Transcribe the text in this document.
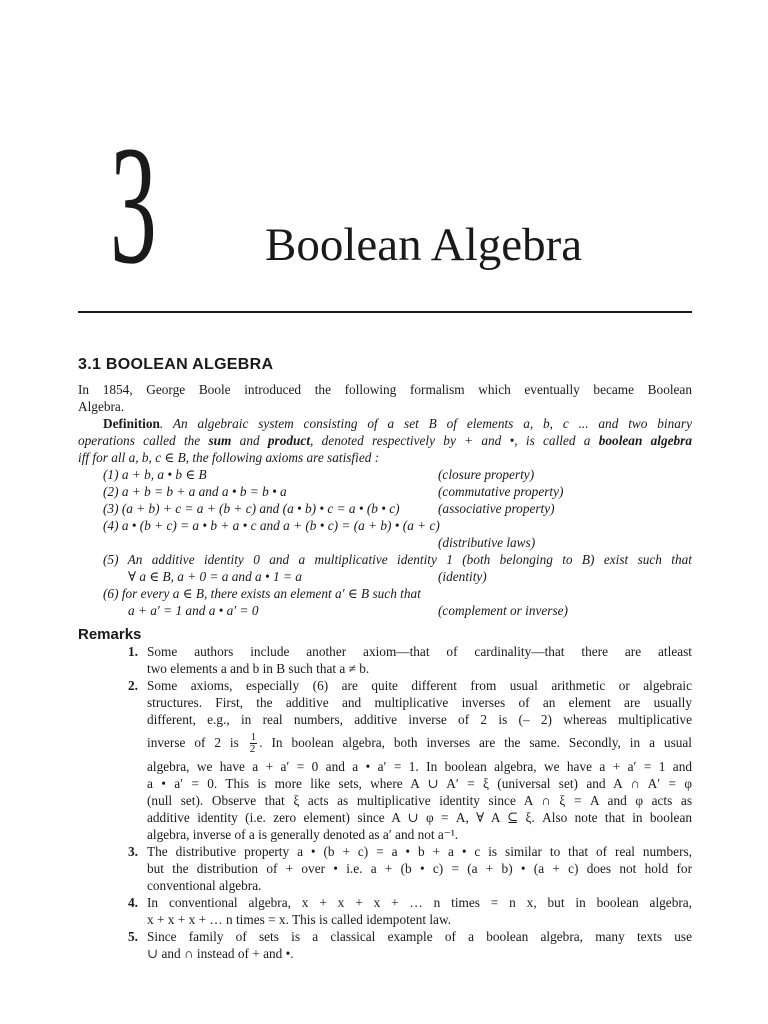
3 Boolean Algebra
3.1 BOOLEAN ALGEBRA
In 1854, George Boole introduced the following formalism which eventually became Boolean
Algebra.
Definition. An algebraic system consisting of a set B of elements a, b, c ... and two binary
operations called the sum and product, denoted respectively by + and •, is called a boolean algebra
iff for all a, b, c ∈ B, the following axioms are satisfied :
(1) a + b, a • b ∈ B	(closure property)
(2) a + b = b + a and a • b = b • a	(commutative property)
(3) (a + b) + c = a + (b + c) and (a • b) • c = a • (b • c)	(associative property)
(4) a • (b + c) = a • b + a • c and a + (b • c) = (a + b) • (a + c)
(distributive laws)
(5) An additive identity 0 and a multiplicative identity 1 (both belonging to B) exist such that
∀ a ∈ B, a + 0 = a and a • 1 = a	(identity)
(6) for every a ∈ B, there exists an element a′ ∈ B such that
a + a′ = 1 and a • a′ = 0	(complement or inverse)
Remarks
1. Some authors include another axiom—that of cardinality—that there are atleast
two elements a and b in B such that a ≠ b.
2. Some axioms, especially (6) are quite different from usual arithmetic or algebraic
structures. First, the additive and multiplicative inverses of an element are usually
different, e.g., in real numbers, additive inverse of 2 is (– 2) whereas multiplicative
inverse of 2 is $\frac{1}{2}$ . In boolean algebra, both inverses are the same. Secondly, in a usual
algebra, we have a + a′ = 0 and a • a′ = 1. In boolean algebra, we have a + a′ = 1 and
a • a′ = 0. This is more like sets, where A ∪ A′ = ξ (universal set) and A ∩ A′ = φ
(null set). Observe that ξ acts as multiplicative identity since A ∩ ξ = A and φ acts as
additive identity (i.e. zero element) since A ∪ φ = A, ∀ A ⊆ ξ. Also note that in boolean
algebra, inverse of a is generally denoted as a′ and not a⁻¹.
3. The distributive property a • (b + c) = a • b + a • c is similar to that of real numbers,
but the distribution of + over • i.e. a + (b • c) = (a + b) • (a + c) does not hold for
conventional algebra.
4. In conventional algebra, x + x + x + … n times = n x, but in boolean algebra,
x + x + x + … n times = x. This is called idempotent law.
5. Since family of sets is a classical example of a boolean algebra, many texts use
∪ and ∩ instead of + and •.
